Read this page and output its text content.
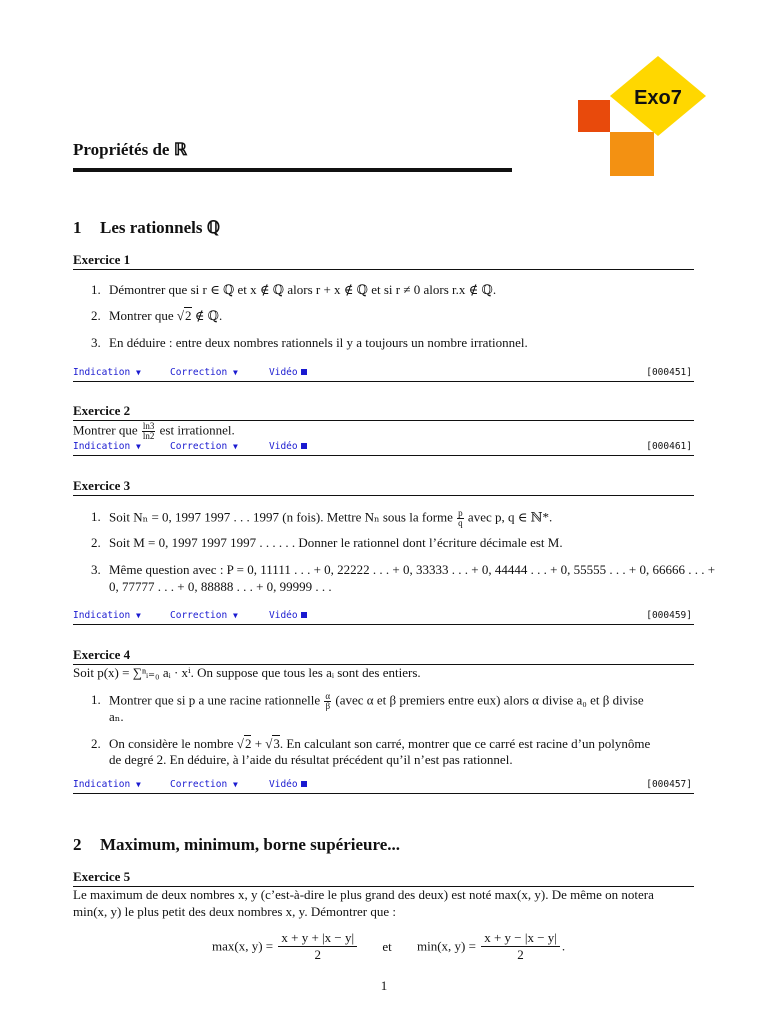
Exo7
Propriétés de ℝ
1 Les rationnels ℚ
Exercice 1
1. Démontrer que si r ∈ ℚ et x ∉ ℚ alors r + x ∉ ℚ et si r ≠ 0 alors r.x ∉ ℚ.
2. Montrer que √2 ∉ ℚ.
3. En déduire : entre deux nombres rationnels il y a toujours un nombre irrationnel.
Indication ▼	Correction ▼	Vidéo	[000451]
Exercice 2
Montrer que $\frac{\ln 3}{\ln 2}$ est irrationnel.
Indication ▼	Correction ▼	Vidéo	[000461]
Exercice 3
1. Soit Nₙ = 0, 1997 1997 . . . 1997 (n fois). Mettre Nₙ sous la forme $\frac{p}{q}$ avec p, q ∈ ℕ*.
2. Soit M = 0, 1997 1997 1997 . . . . . . Donner le rationnel dont l’écriture décimale est M.
3. Même question avec : P = 0, 11111 . . . + 0, 22222 . . . + 0, 33333 . . . + 0, 44444 . . . + 0, 55555 . . . + 0, 66666 . . . +
0, 77777 . . . + 0, 88888 . . . + 0, 99999 . . .
Indication ▼	Correction ▼	Vidéo	[000459]
Exercice 4
Soit p(x) = ∑ⁿᵢ₌₀ aᵢ · xⁱ. On suppose que tous les aᵢ sont des entiers.
1. Montrer que si p a une racine rationnelle $\frac{\alpha}{\beta}$ (avec α et β premiers entre eux) alors α divise a₀ et β divise
aₙ.
2. On considère le nombre √2 + √3. En calculant son carré, montrer que ce carré est racine d’un polynôme
de degré 2. En déduire, à l’aide du résultat précédent qu’il n’est pas rationnel.
Indication ▼	Correction ▼	Vidéo	[000457]
2 Maximum, minimum, borne supérieure...
Exercice 5
Le maximum de deux nombres x, y (c’est-à-dire le plus grand des deux) est noté max(x, y). De même on notera
min(x, y) le plus petit des deux nombres x, y. Démontrer que :
max(x, $y) = \frac{x + y + |x - y|}{2}$ et min(x, $y) = \frac{x + y - |x - y|}{2}$ .
1
